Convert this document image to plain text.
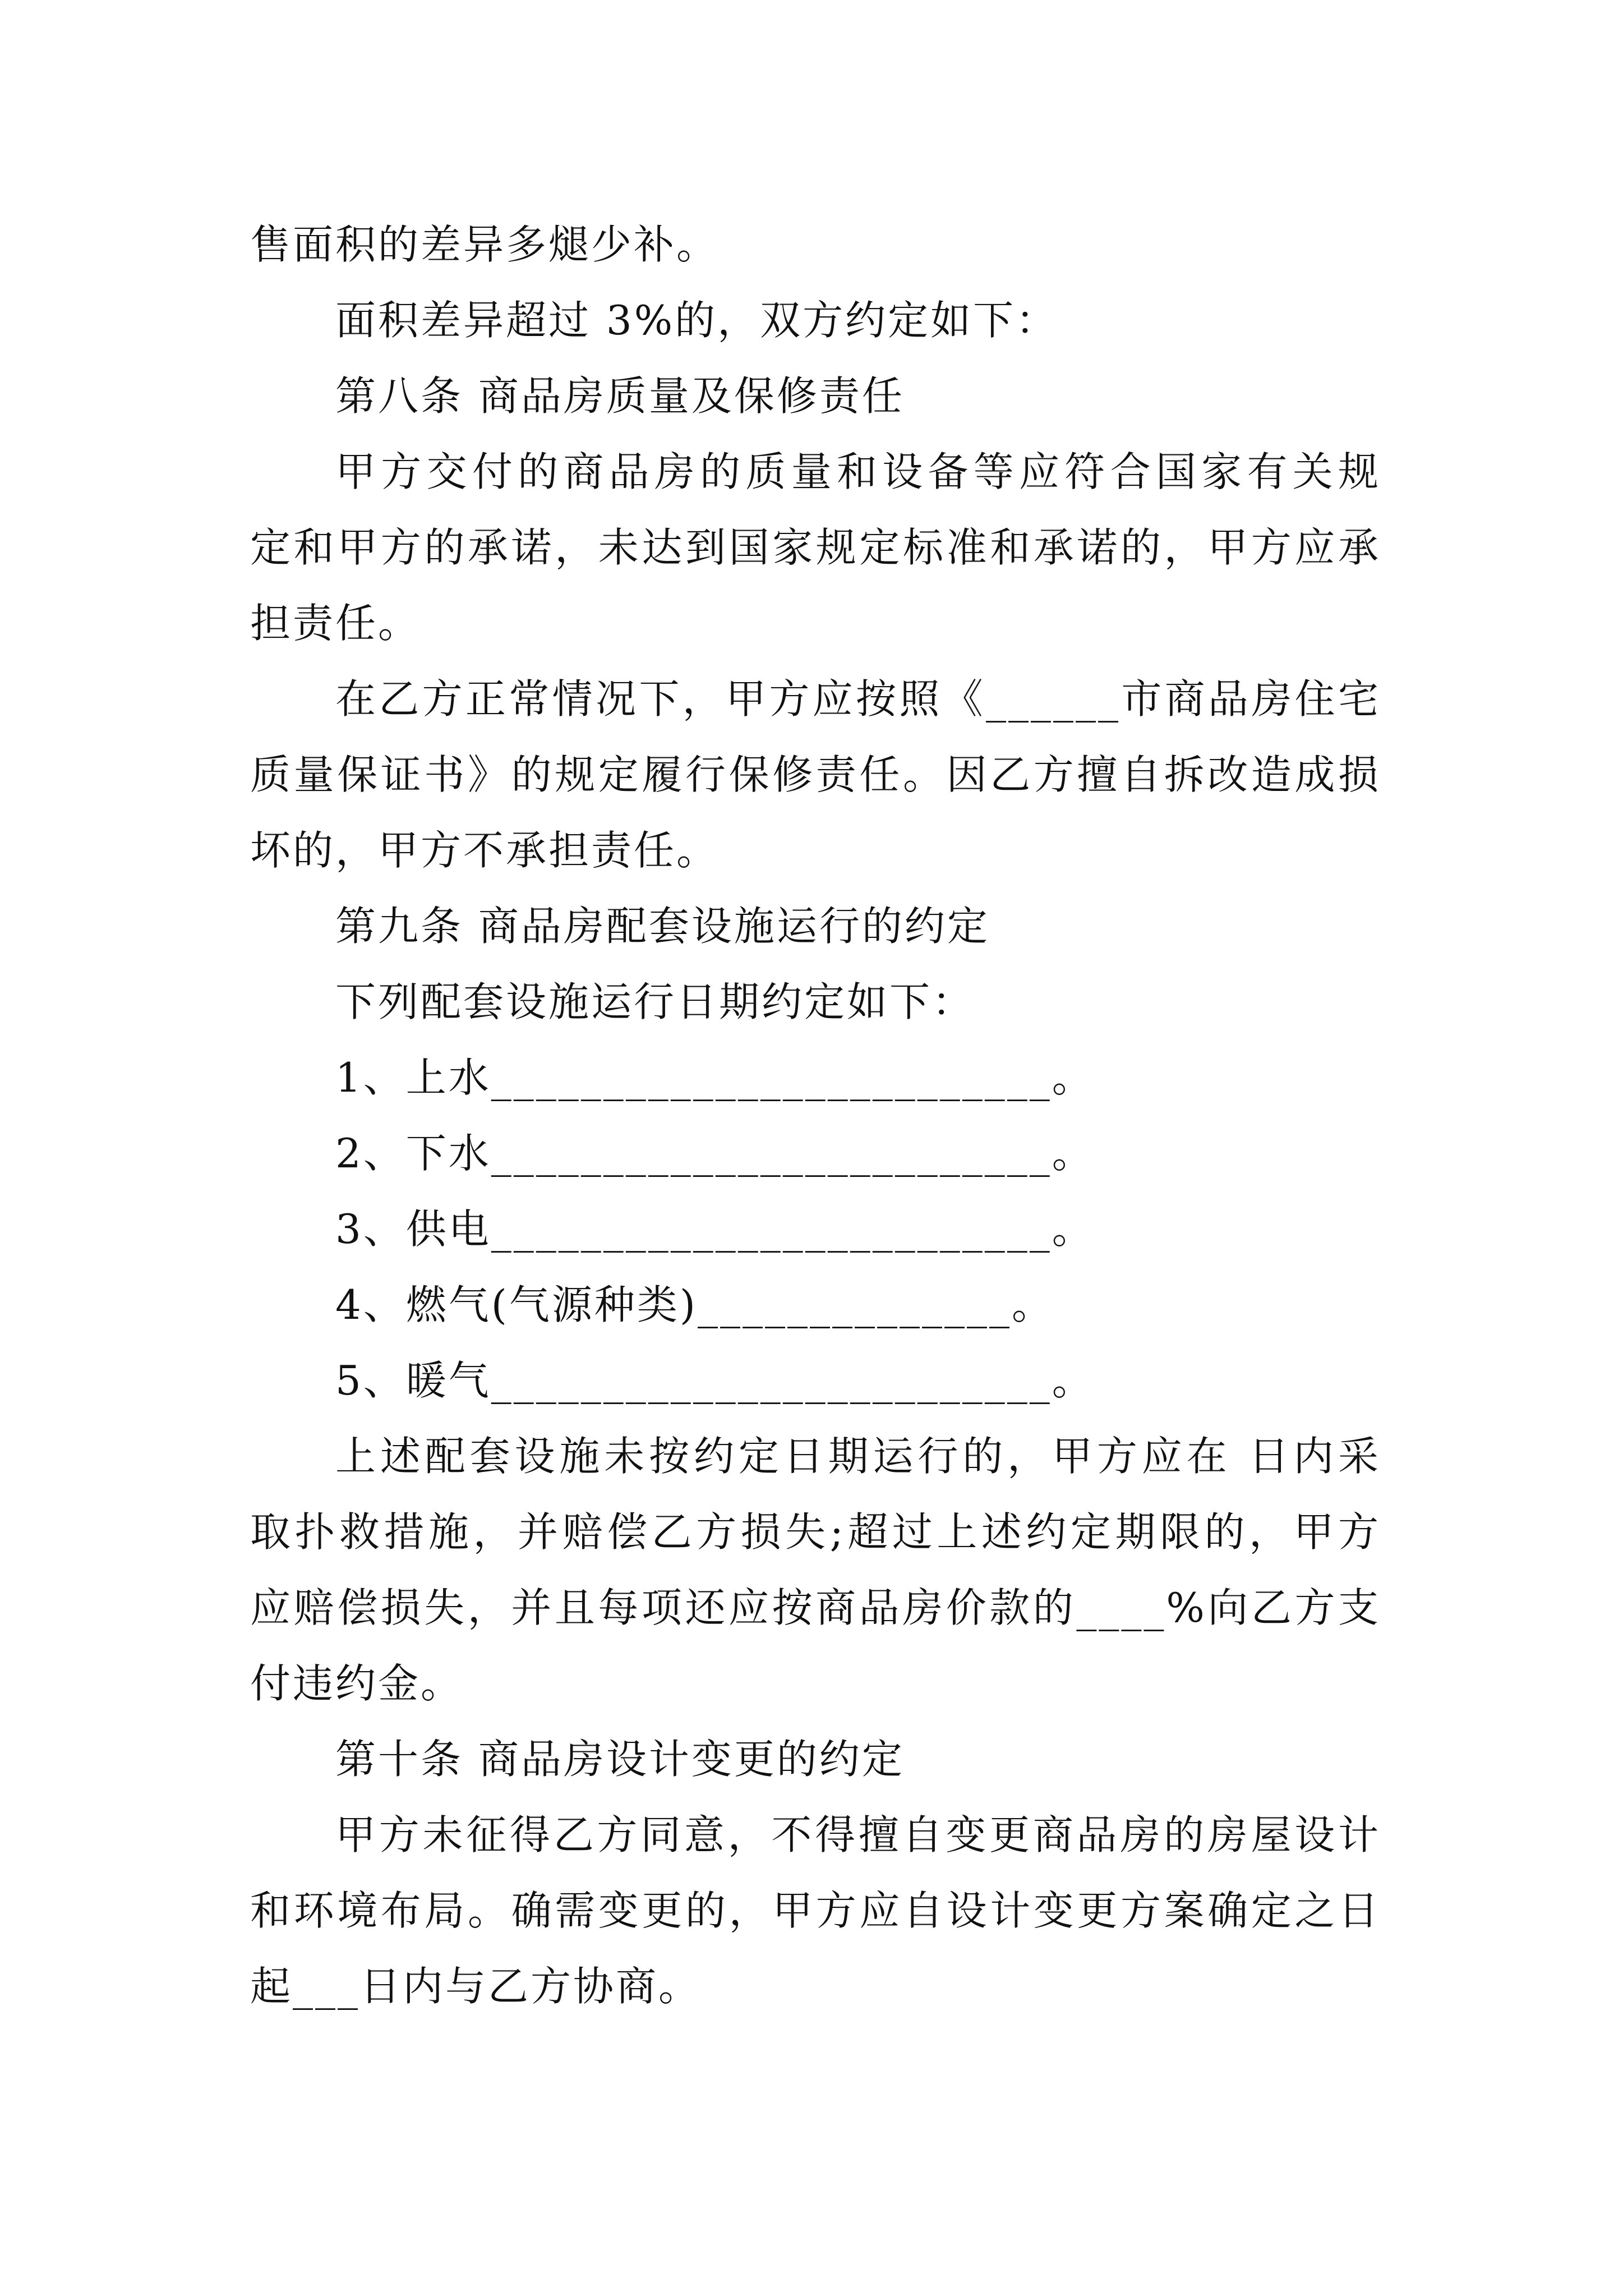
售面积的差异多煺少补。
面积差异超过 3%的，双方约定如下：
第八条 商品房质量及保修责任
甲方交付的商品房的质量和设备等应符合国家有关规
定和甲方的承诺，未达到国家规定标准和承诺的，甲方应承
担责任。
在乙方正常情况下，甲方应按照《______市商品房住宅
质量保证书》的规定履行保修责任。因乙方擅自拆改造成损
坏的，甲方不承担责任。
第九条 商品房配套设施运行的约定
下列配套设施运行日期约定如下：
1、上水_________________________。
2、下水_________________________。
3、供电_________________________。
4、燃气(气源种类)______________。
5、暖气_________________________。
上述配套设施未按约定日期运行的，甲方应在 日内采
取扑救措施，并赔偿乙方损失;超过上述约定期限的，甲方
应赔偿损失，并且每项还应按商品房价款的____%向乙方支
付违约金。
第十条 商品房设计变更的约定
甲方未征得乙方同意，不得擅自变更商品房的房屋设计
和环境布局。确需变更的，甲方应自设计变更方案确定之日
起___日内与乙方协商。
